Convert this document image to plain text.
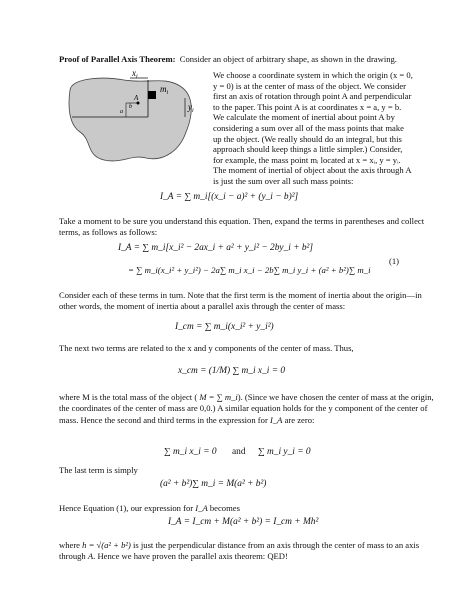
Proof of Parallel Axis Theorem: Consider an object of arbitrary shape, as shown in the drawing.
$x_i$
$m_i$
$y_i$
a
b
A
We choose a coordinate system in which the origin (x = 0,
y = 0) is at the center of mass of the object. We consider
first an axis of rotation through point A and perpendicular
to the paper. This point A is at coordinates x = a, y = b.
We calculate the moment of inertial about point A by
considering a sum over all of the mass points that make
up the object. (We really should do an integral, but this
approach should keep things a little simpler.) Consider,
for example, the mass point mᵢ located at x = xᵢ, y = yᵢ.
The moment of inertial of object about the axis through A
is just the sum over all such mass points:
I_A = ∑ m_i[(x_i − a)² + (y_i − b)²]
Take a moment to be sure you understand this equation. Then, expand the terms in parentheses and collect terms, as follows as follows:
I_A = ∑ m_i[x_i² − 2ax_i + a² + y_i² − 2by_i + b²]
= ∑ m_i(x_i² + y_i²) − 2a∑ m_i x_i − 2b∑ m_i y_i + (a² + b²)∑ m_i
(1)
Consider each of these terms in turn. Note that the first term is the moment of inertia about the origin—in other words, the moment of inertia about a parallel axis through the center of mass:
I_cm = ∑ m_i(x_i² + y_i²)
The next two terms are related to the x and y components of the center of mass. Thus,
x_cm = (1/M) ∑ m_i x_i = 0
where M is the total mass of the object ( M = ∑ m_i). (Since we have chosen the center of mass at the origin, the coordinates of the center of mass are 0,0.) A similar equation holds for the y component of the center of mass. Hence the second and third terms in the expression for I_A are zero:
∑ m_i x_i = 0 and ∑ m_i y_i = 0
The last term is simply
(a² + b²)∑ m_i = M(a² + b²)
Hence Equation (1), our expression for I_A becomes
I_A = I_cm + M(a² + b²) = I_cm + Mh²
where h = √(a² + b²) is just the perpendicular distance from an axis through the center of mass to an axis through A. Hence we have proven the parallel axis theorem: QED!
